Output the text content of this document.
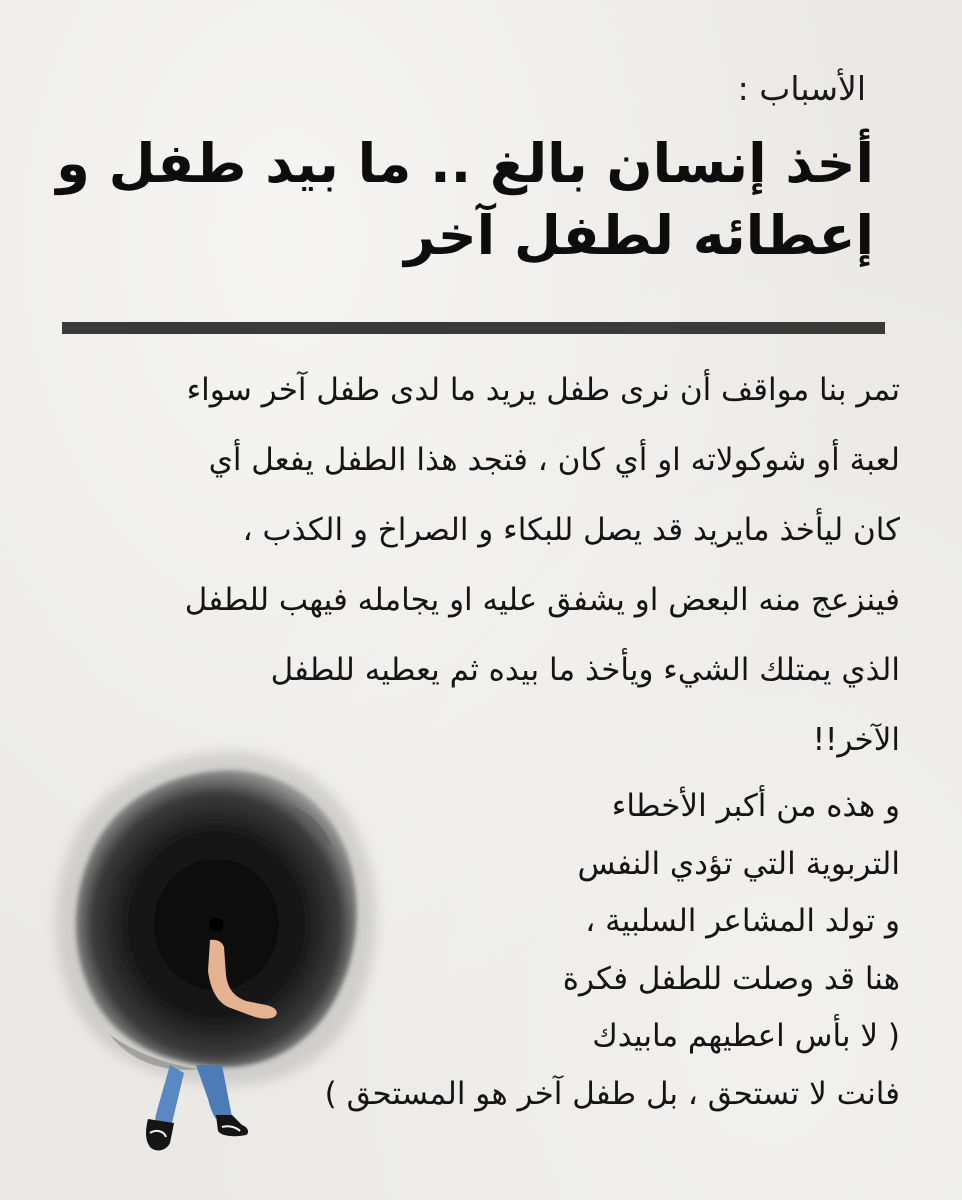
الأسباب :
أخذ إنسان بالغ .. ما بيد طفل و
إعطائه لطفل آخر

تمر بنا مواقف أن نرى طفل يريد ما لدى طفل آخر سواء
لعبة أو شوكولاته او أي كان ، فتجد هذا الطفل يفعل أي
كان ليأخذ مايريد قد يصل للبكاء و الصراخ و الكذب ،
فينزعج منه البعض او يشفق عليه او يجامله فيهب للطفل
الذي يمتلك الشيء ويأخذ ما بيده ثم يعطيه للطفل
الآخر!!

و هذه من أكبر الأخطاء
التربوية التي تؤدي النفس
و تولد المشاعر السلبية ،
هنا قد وصلت للطفل فكرة
( لا بأس اعطيهم مابيدك
فانت لا تستحق ، بل طفل آخر هو المستحق )
